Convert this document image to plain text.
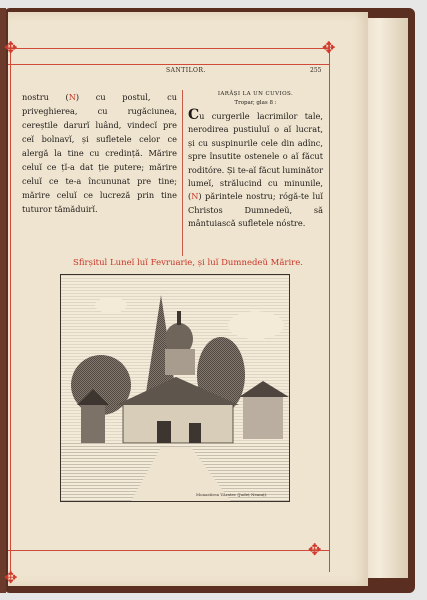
✥
✥
✥
✥
SANTILOR.	255

nostru (N) cu postul, cu priveghierea, cu rugăciunea, cereștile darurĭ luând, vindecĭ pre ceĭ bolnavĭ, și sufletele celor ce alergă la tine cu credință. Mărire celuĭ ce țĭ-a dat ție putere; mărire celuĭ ce te-a încununat pre tine; mărire celuĭ ce lucreză prin tine tuturor tămăduirĭ.

IARĂȘI LA UN CUVIOS.
Tropar, glas 8 :
Cu curgerile lacrimilor tale, nerodirea pustiuluĭ o aĭ lucrat, și cu suspinurile cele din adînc, spre însutite ostenele o aĭ făcut roditóre. Și te-aĭ făcut luminător lumeĭ, strălucind cu minunile, (N) părintele nostru; rógă-te luĭ Christos Dumnedeŭ, să mântuiască sufletele nóstre.
Sfirșitul Luneĭ luĭ Fevruarie, și luĭ Dumnedeŭ Mărire.
Monastirea Văratec (Județ Neamț).
